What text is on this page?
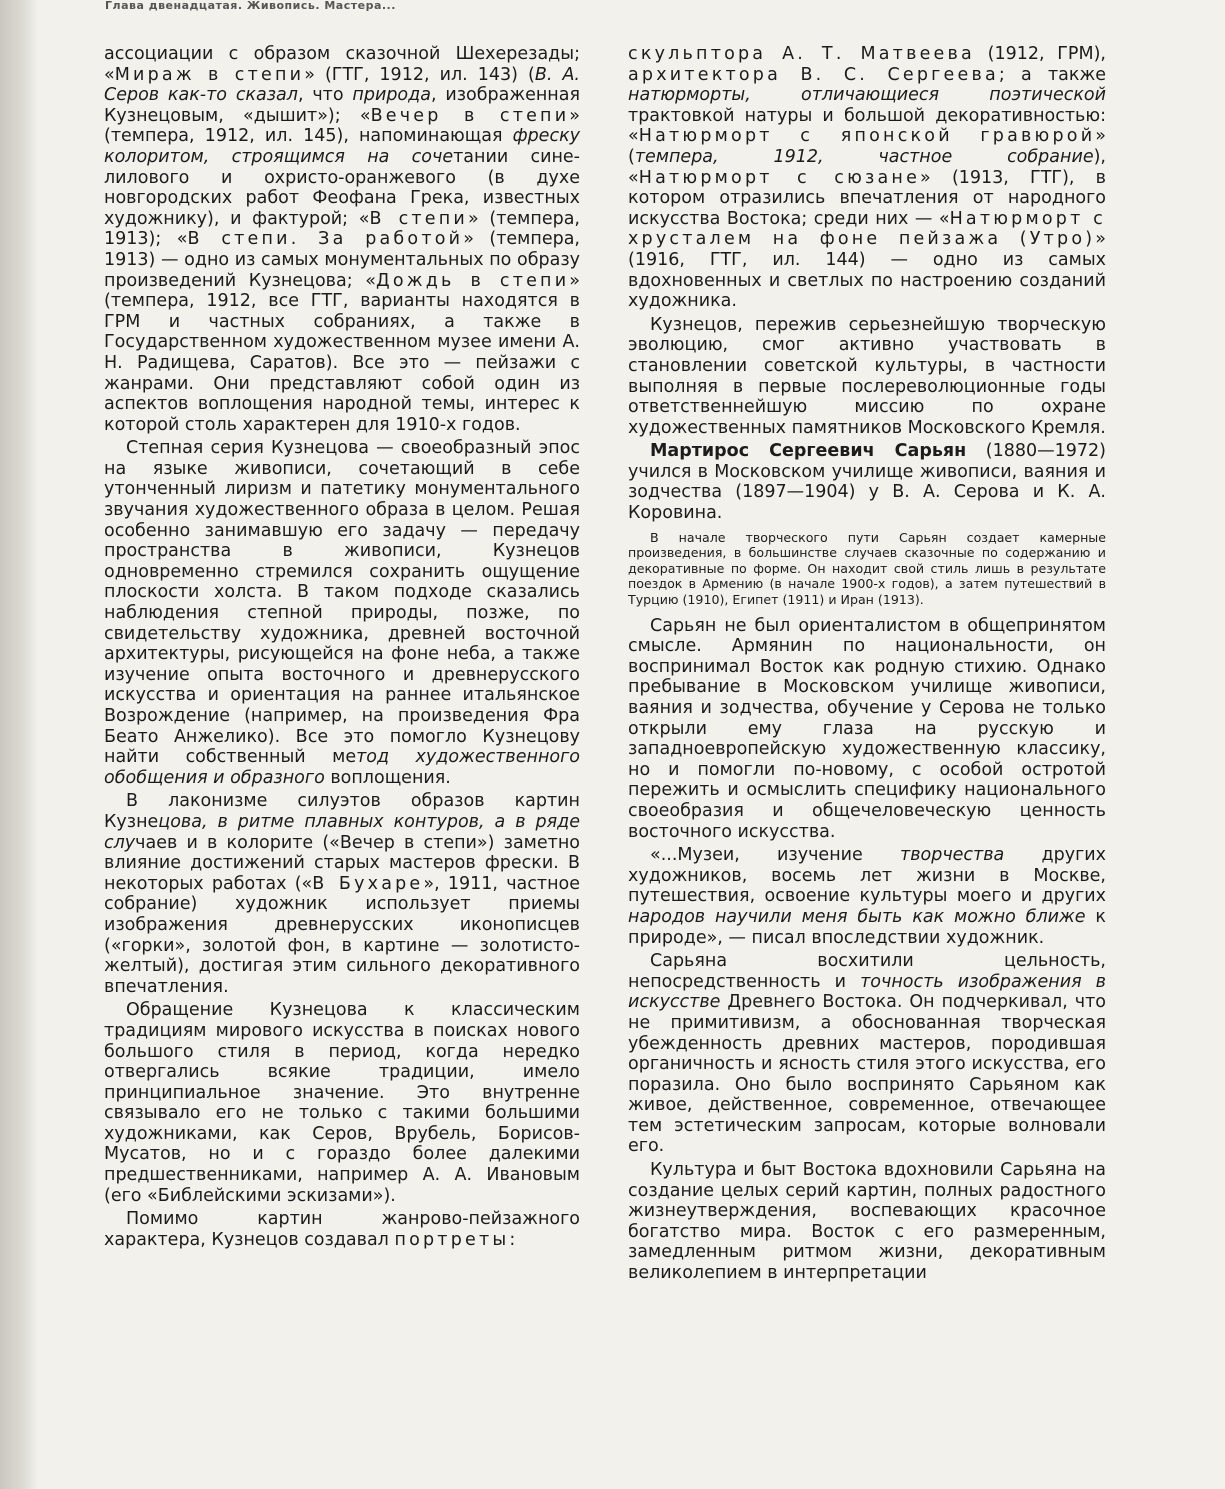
Глава двенадцатая. Живопись. Мастера...

ассоциации с образом сказочной Шехерезады; «Мираж в степи» (ГТГ, 1912, ил. 143) (В. А. Серов как-то сказал, что природа, изображенная Кузнецовым, «дышит»); «Вечер в степи» (темпера, 1912, ил. 145), напоминающая фреску колоритом, строящимся на сочетании сине-лилового и охристо-оранжевого (в духе новгородских работ Феофана Грека, известных художнику), и фактурой; «В степи» (темпера, 1913); «В степи. За работой» (темпера, 1913) — одно из самых монументальных по образу произведений Кузнецова; «Дождь в степи» (темпера, 1912, все ГТГ, варианты находятся в ГРМ и частных собраниях, а также в Государственном художественном музее имени А. Н. Радищева, Саратов). Все это — пейзажи с жанрами. Они представляют собой один из аспектов воплощения народной темы, интерес к которой столь характерен для 1910-х годов.

Степная серия Кузнецова — своеобразный эпос на языке живописи, сочетающий в себе утонченный лиризм и патетику монументального звучания художественного образа в целом. Решая особенно занимавшую его задачу — передачу пространства в живописи, Кузнецов одновременно стремился сохранить ощущение плоскости холста. В таком подходе сказались наблюдения степной природы, позже, по свидетельству художника, древней восточной архитектуры, рисующейся на фоне неба, а также изучение опыта восточного и древнерусского искусства и ориентация на раннее итальянское Возрождение (например, на произведения Фра Беато Анжелико). Все это помогло Кузнецову найти собственный метод художественного обобщения и образного воплощения.

В лаконизме силуэтов образов картин Кузнецова, в ритме плавных контуров, а в ряде случаев и в колорите («Вечер в степи») заметно влияние достижений старых мастеров фрески. В некоторых работах («В Бухаре», 1911, частное собрание) художник использует приемы изображения древнерусских иконописцев («горки», золотой фон, в картине — золотисто-желтый), достигая этим сильного декоративного впечатления.

Обращение Кузнецова к классическим традициям мирового искусства в поисках нового большого стиля в период, когда нередко отвергались всякие традиции, имело принципиальное значение. Это внутренне связывало его не только с такими большими художниками, как Серов, Врубель, Борисов-Мусатов, но и с гораздо более далекими предшественниками, например А. А. Ивановым (его «Библейскими эскизами»).

Помимо картин жанрово-пейзажного характера, Кузнецов создавал портреты:

скульптора А. Т. Матвеева (1912, ГРМ), архитектора В. С. Сергеева; а также натюрморты, отличающиеся поэтической трактовкой натуры и большой декоративностью: «Натюрморт с японской гравюрой» (темпера, 1912, частное собрание), «Натюрморт с сюзане» (1913, ГТГ), в котором отразились впечатления от народного искусства Востока; среди них — «Натюрморт с хрусталем на фоне пейзажа (Утро)» (1916, ГТГ, ил. 144) — одно из самых вдохновенных и светлых по настроению созданий художника.

Кузнецов, пережив серьезнейшую творческую эволюцию, смог активно участвовать в становлении советской культуры, в частности выполняя в первые послереволюционные годы ответственнейшую миссию по охране художественных памятников Московского Кремля.

Мартирос Сергеевич Сарьян (1880—1972) учился в Московском училище живописи, ваяния и зодчества (1897—1904) у В. А. Серова и К. А. Коровина.

В начале творческого пути Сарьян создает камерные произведения, в большинстве случаев сказочные по содержанию и декоративные по форме. Он находит свой стиль лишь в результате поездок в Армению (в начале 1900-х годов), а затем путешествий в Турцию (1910), Египет (1911) и Иран (1913).

Сарьян не был ориенталистом в общепринятом смысле. Армянин по национальности, он воспринимал Восток как родную стихию. Однако пребывание в Московском училище живописи, ваяния и зодчества, обучение у Серова не только открыли ему глаза на русскую и западноевропейскую художественную классику, но и помогли по-новому, с особой остротой пережить и осмыслить специфику национального своеобразия и общечеловеческую ценность восточного искусства.

«...Музеи, изучение творчества других художников, восемь лет жизни в Москве, путешествия, освоение культуры моего и других народов научили меня быть как можно ближе к природе», — писал впоследствии художник.

Сарьяна восхитили цельность, непосредственность и точность изображения в искусстве Древнего Востока. Он подчеркивал, что не примитивизм, а обоснованная творческая убежденность древних мастеров, породившая органичность и ясность стиля этого искусства, его поразила. Оно было воспринято Сарьяном как живое, действенное, современное, отвечающее тем эстетическим запросам, которые волновали его.

Культура и быт Востока вдохновили Сарьяна на создание целых серий картин, полных радостного жизнеутверждения, воспевающих красочное богатство мира. Восток с его размеренным, замедленным ритмом жизни, декоративным великолепием в интерпретации
